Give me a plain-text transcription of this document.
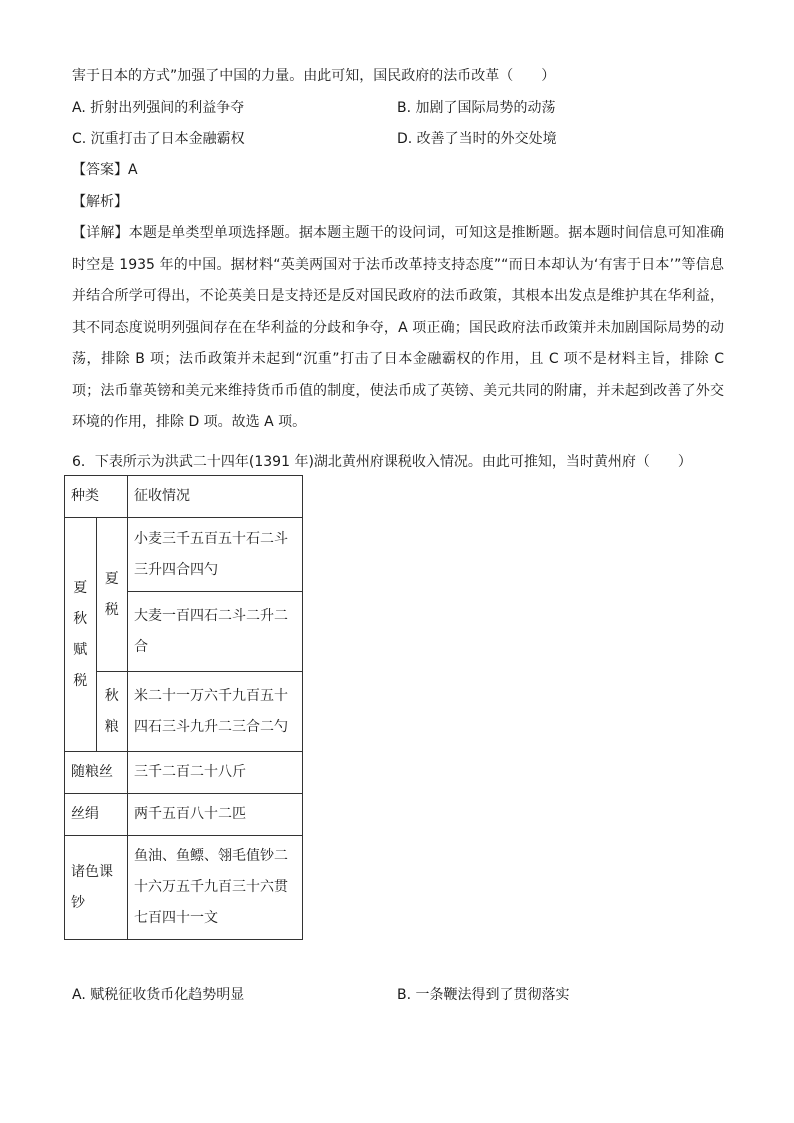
害于日本的方式”加强了中国的力量。由此可知，国民政府的法币改革（　　）
A. 折射出列强间的利益争夺	B. 加剧了国际局势的动荡
C. 沉重打击了日本金融霸权	D. 改善了当时的外交处境
【答案】A
【解析】
【详解】本题是单类型单项选择题。据本题主题干的设问词，可知这是推断题。据本题时间信息可知准确时空是 1935 年的中国。据材料“英美两国对于法币改革持支持态度”“而日本却认为‘有害于日本’”等信息并结合所学可得出，不论英美日是支持还是反对国民政府的法币政策，其根本出发点是维护其在华利益，其不同态度说明列强间存在在华利益的分歧和争夺，A 项正确；国民政府法币政策并未加剧国际局势的动荡，排除 B 项；法币政策并未起到“沉重”打击了日本金融霸权的作用，且 C 项不是材料主旨，排除 C 项；法币靠英镑和美元来维持货币币值的制度，使法币成了英镑、美元共同的附庸，并未起到改善了外交环境的作用，排除 D 项。故选 A 项。
6．下表所示为洪武二十四年(1391 年)湖北黄州府课税收入情况。由此可推知，当时黄州府（　　）
种类		征收情况

夏秋赋税	夏税	小麦三千五百五十石二斗三升四合四勺
		大麦一百四石二斗二升二合

	秋粮	米二十一万六千九百五十四石三斗九升二三合二勺
随粮丝		三千二百二十八斤
丝绢		两千五百八十二匹

诸色课钞		鱼油、鱼鳔、翎毛值钞二十六万五千九百三十六贯七百四十一文
A. 赋税征收货币化趋势明显	B. 一条鞭法得到了贯彻落实
